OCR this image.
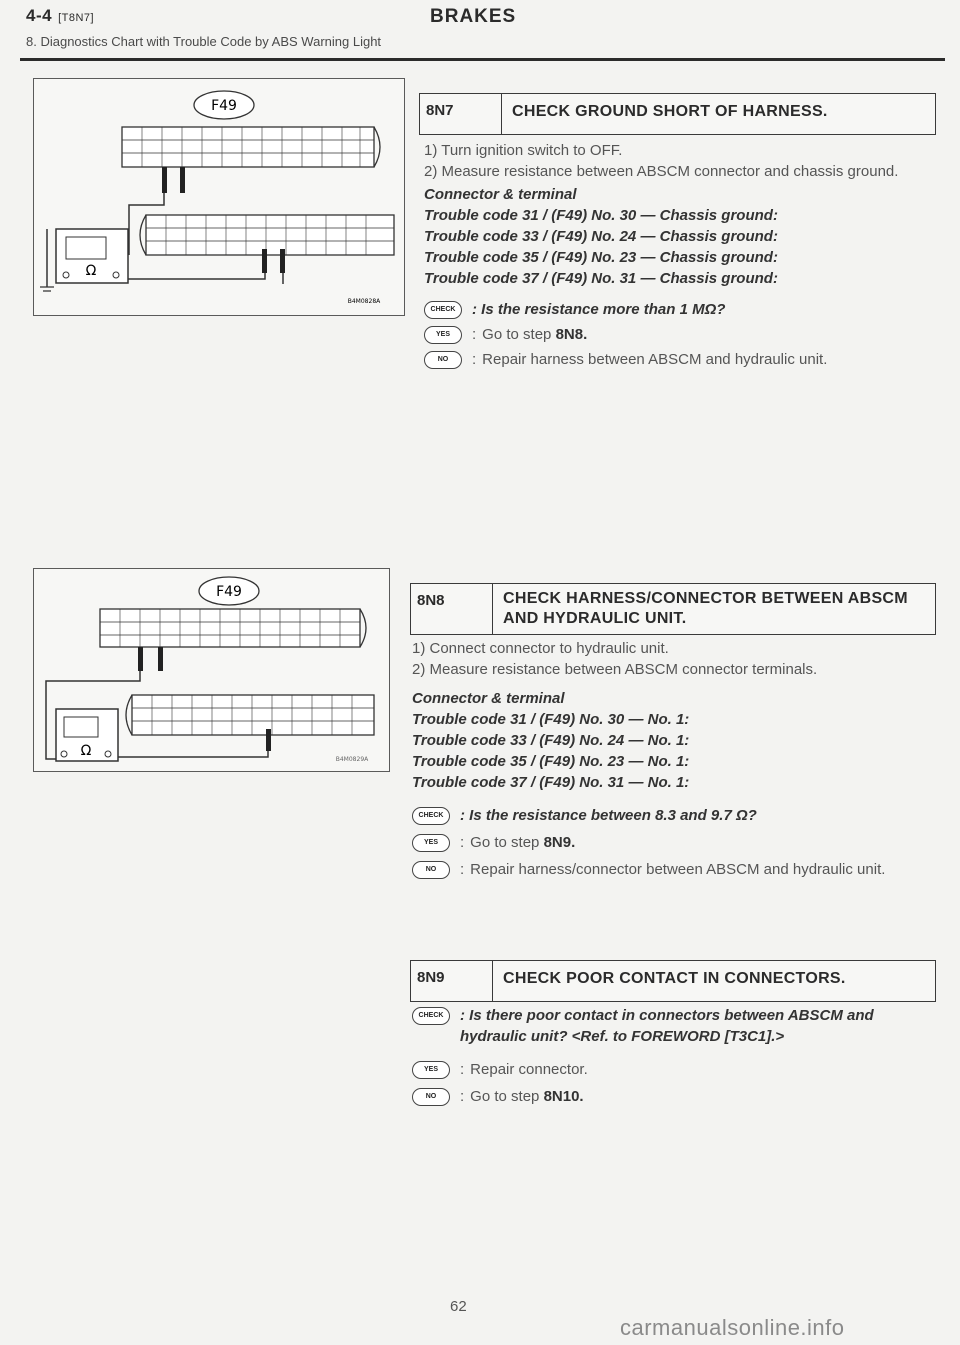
4-4 [T8N7]	BRAKES
8. Diagnostics Chart with Trouble Code by ABS Warning Light
F49
Ω
B4M0828A
8N7	CHECK GROUND SHORT OF HARNESS.
1) Turn ignition switch to OFF.
2) Measure resistance between ABSCM connector and chassis ground.
Connector & terminal
Trouble code 31 / (F49) No. 30 — Chassis ground:
Trouble code 33 / (F49) No. 24 — Chassis ground:
Trouble code 35 / (F49) No. 23 — Chassis ground:
Trouble code 37 / (F49) No. 31 — Chassis ground:
CHECK	: Is the resistance more than 1 MΩ?
YES	: Go to step 8N8.
NO	: Repair harness between ABSCM and hydraulic unit.
F49
Ω
B4M0829A
8N8	CHECK HARNESS/CONNECTOR BETWEEN ABSCM AND HYDRAULIC UNIT.
1) Connect connector to hydraulic unit.
2) Measure resistance between ABSCM connector terminals.
Connector & terminal
Trouble code 31 / (F49) No. 30 — No. 1:
Trouble code 33 / (F49) No. 24 — No. 1:
Trouble code 35 / (F49) No. 23 — No. 1:
Trouble code 37 / (F49) No. 31 — No. 1:
CHECK	: Is the resistance between 8.3 and 9.7 Ω?
YES	: Go to step 8N9.
NO	: Repair harness/connector between ABSCM and hydraulic unit.
8N9	CHECK POOR CONTACT IN CONNECTORS.
CHECK	: Is there poor contact in connectors between ABSCM and hydraulic unit? <Ref. to FOREWORD [T3C1].>
YES	: Repair connector.
NO	: Go to step 8N10.
62
carmanualsonline.info
